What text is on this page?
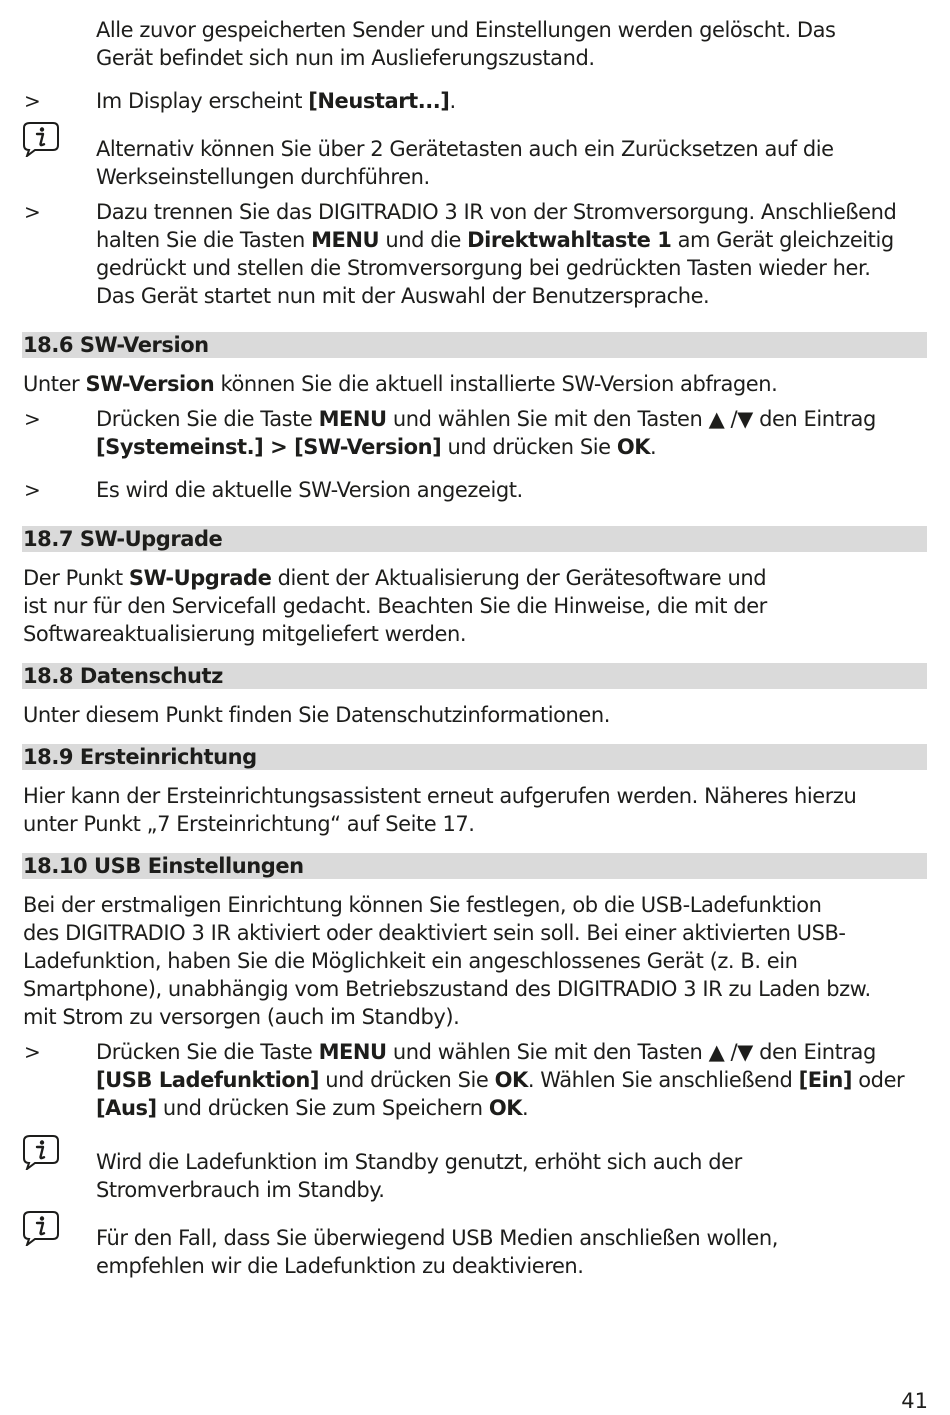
Alle zuvor gespeicherten Sender und Einstellungen werden gelöscht. Das

Gerät befindet sich nun im Auslieferungszustand.

>	Im Display erscheint [Neustart...].

Alternativ können Sie über 2 Gerätetasten auch ein Zurücksetzen auf die

Werkseinstellungen durchführen.

>	Dazu trennen Sie das DIGITRADIO 3 IR von der Stromversorgung. Anschließend

halten Sie die Tasten MENU und die Direktwahltaste 1 am Gerät gleichzeitig

gedrückt und stellen die Stromversorgung bei gedrückten Tasten wieder her.

Das Gerät startet nun mit der Auswahl der Benutzersprache.

18.6 SW-Version

Unter SW-Version können Sie die aktuell installierte SW-Version abfragen.

>	Drücken Sie die Taste MENU und wählen Sie mit den Tasten ▲ /▼ den Eintrag

[Systemeinst.] > [SW-Version] und drücken Sie OK.

>	Es wird die aktuelle SW-Version angezeigt.

18.7 SW-Upgrade

Der Punkt SW-Upgrade dient der Aktualisierung der Gerätesoftware und

ist nur für den Servicefall gedacht. Beachten Sie die Hinweise, die mit der

Softwareaktualisierung mitgeliefert werden.

18.8 Datenschutz

Unter diesem Punkt finden Sie Datenschutzinformationen.

18.9 Ersteinrichtung

Hier kann der Ersteinrichtungsassistent erneut aufgerufen werden. Näheres hierzu

unter Punkt „7 Ersteinrichtung“ auf Seite 17.

18.10 USB Einstellungen

Bei der erstmaligen Einrichtung können Sie festlegen, ob die USB-Ladefunktion

des DIGITRADIO 3 IR aktiviert oder deaktiviert sein soll. Bei einer aktivierten USB-

Ladefunktion, haben Sie die Möglichkeit ein angeschlossenes Gerät (z. B. ein

Smartphone), unabhängig vom Betriebszustand des DIGITRADIO 3 IR zu Laden bzw.

mit Strom zu versorgen (auch im Standby).

>	Drücken Sie die Taste MENU und wählen Sie mit den Tasten ▲ /▼ den Eintrag

[USB Ladefunktion] und drücken Sie OK. Wählen Sie anschließend [Ein] oder

[Aus] und drücken Sie zum Speichern OK.

Wird die Ladefunktion im Standby genutzt, erhöht sich auch der

Stromverbrauch im Standby.

Für den Fall, dass Sie überwiegend USB Medien anschließen wollen,

empfehlen wir die Ladefunktion zu deaktivieren.

41
